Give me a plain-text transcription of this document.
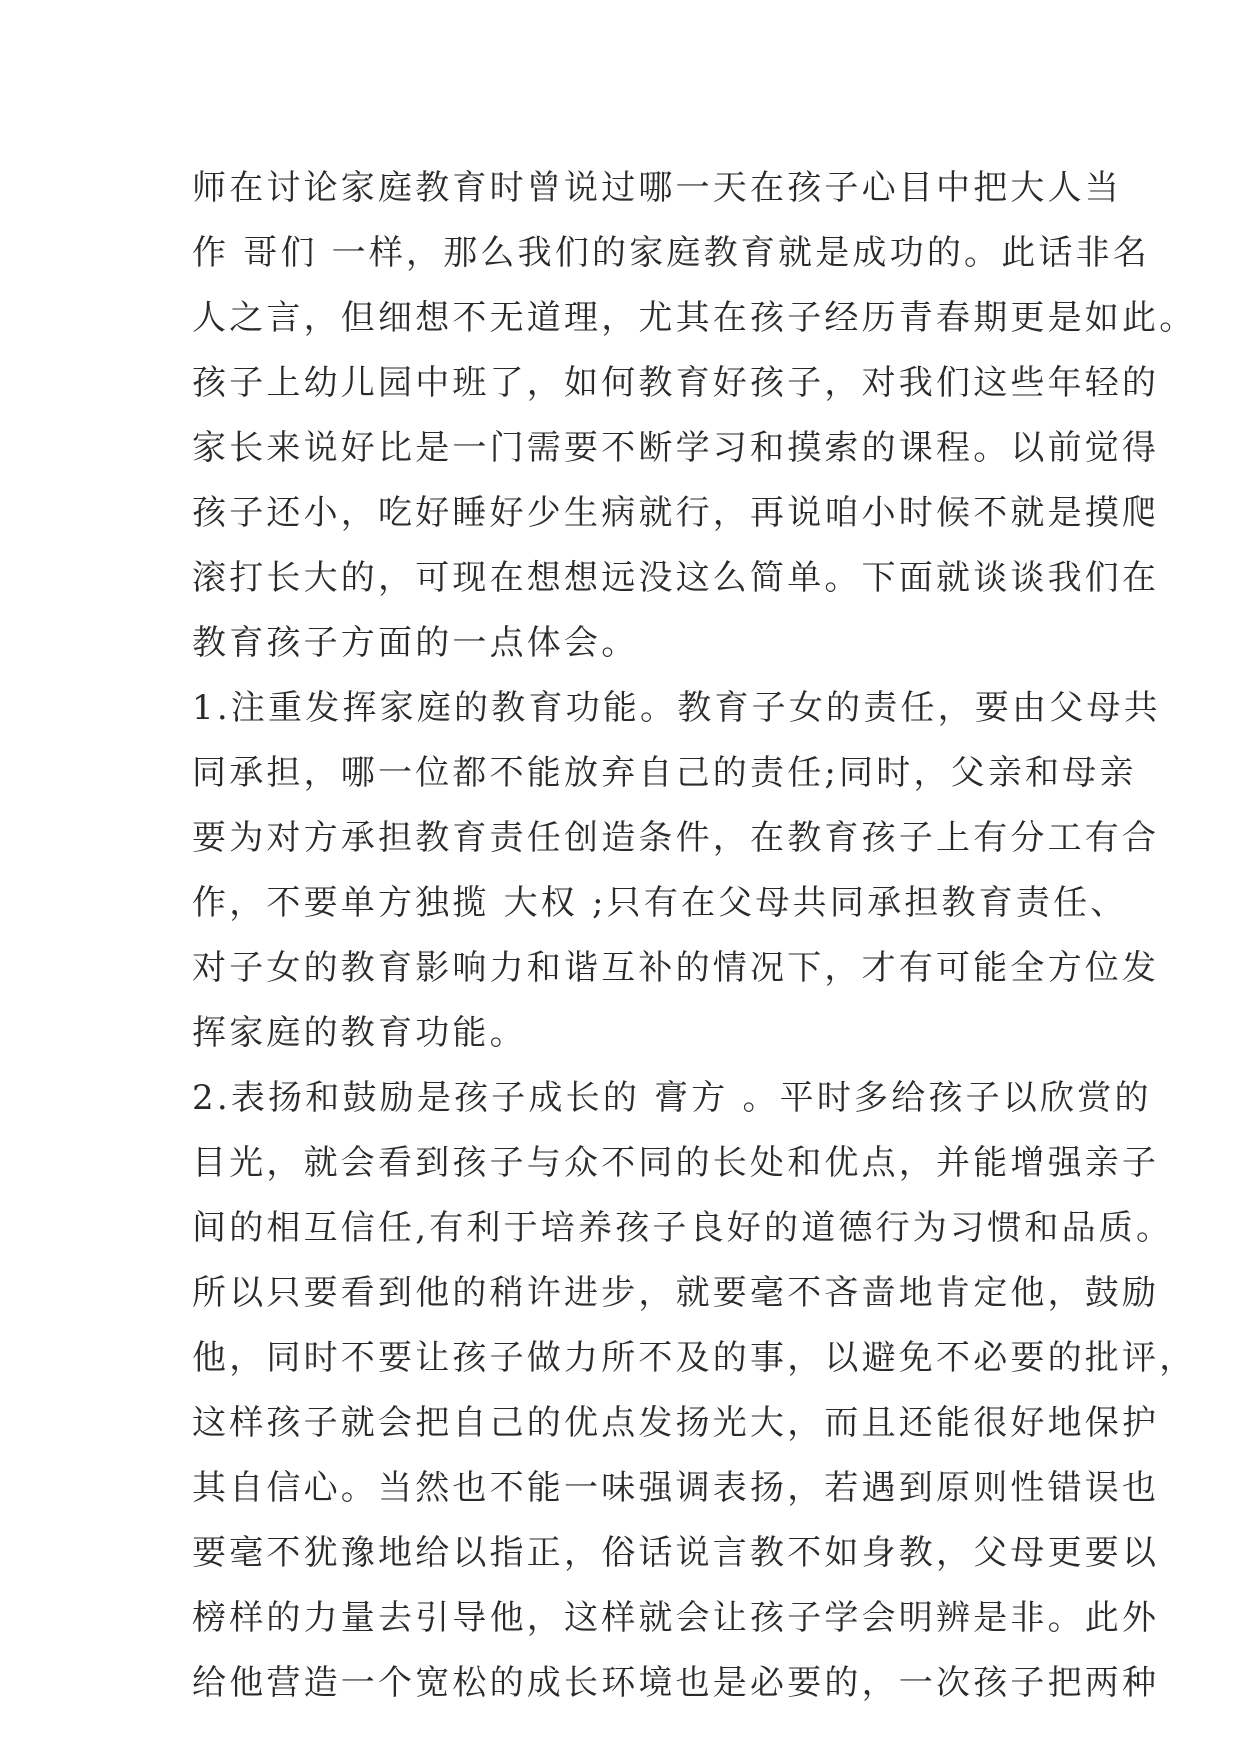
师在讨论家庭教育时曾说过哪一天在孩子心目中把大人当
作 哥们 一样，那么我们的家庭教育就是成功的。此话非名
人之言，但细想不无道理，尤其在孩子经历青春期更是如此。
孩子上幼儿园中班了，如何教育好孩子，对我们这些年轻的
家长来说好比是一门需要不断学习和摸索的课程。以前觉得
孩子还小，吃好睡好少生病就行，再说咱小时候不就是摸爬
滚打长大的，可现在想想远没这么简单。下面就谈谈我们在
教育孩子方面的一点体会。
1.注重发挥家庭的教育功能。教育子女的责任，要由父母共
同承担，哪一位都不能放弃自己的责任;同时，父亲和母亲
要为对方承担教育责任创造条件，在教育孩子上有分工有合
作，不要单方独揽 大权 ;只有在父母共同承担教育责任、
对子女的教育影响力和谐互补的情况下，才有可能全方位发
挥家庭的教育功能。
2.表扬和鼓励是孩子成长的 膏方 。平时多给孩子以欣赏的
目光，就会看到孩子与众不同的长处和优点，并能增强亲子
间的相互信任,有利于培养孩子良好的道德行为习惯和品质。
所以只要看到他的稍许进步，就要毫不吝啬地肯定他，鼓励
他，同时不要让孩子做力所不及的事，以避免不必要的批评，
这样孩子就会把自己的优点发扬光大，而且还能很好地保护
其自信心。当然也不能一味强调表扬，若遇到原则性错误也
要毫不犹豫地给以指正，俗话说言教不如身教，父母更要以
榜样的力量去引导他，这样就会让孩子学会明辨是非。此外
给他营造一个宽松的成长环境也是必要的，一次孩子把两种
